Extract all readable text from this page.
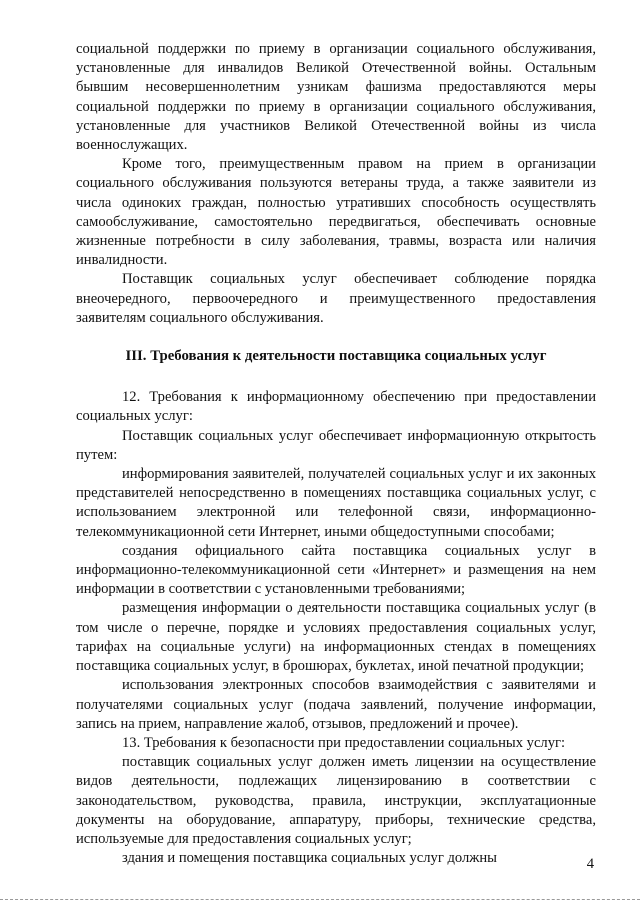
социальной поддержки по приему в организации социального обслуживания, установленные для инвалидов Великой Отечественной войны. Остальным бывшим несовершеннолетним узникам фашизма предоставляются меры социальной поддержки по приему в организации социального обслуживания, установленные для участников Великой Отечественной войны из числа военнослужащих.

Кроме того, преимущественным правом на прием в организации социального обслуживания пользуются ветераны труда, а также заявители из числа одиноких граждан, полностью утративших способность осуществлять самообслуживание, самостоятельно передвигаться, обеспечивать основные жизненные потребности в силу заболевания, травмы, возраста или наличия инвалидности.

Поставщик социальных услуг обеспечивает соблюдение порядка внеочередного, первоочередного и преимущественного предоставления заявителям социального обслуживания.

III. Требования к деятельности поставщика социальных услуг

12. Требования к информационному обеспечению при предоставлении социальных услуг:

Поставщик социальных услуг обеспечивает информационную открытость путем:

информирования заявителей, получателей социальных услуг и их законных представителей непосредственно в помещениях поставщика социальных услуг, с использованием электронной или телефонной связи, информационно-телекоммуникационной сети Интернет, иными общедоступными способами;

создания официального сайта поставщика социальных услуг в информационно-телекоммуникационной сети «Интернет» и размещения на нем информации в соответствии с установленными требованиями;

размещения информации о деятельности поставщика социальных услуг (в том числе о перечне, порядке и условиях предоставления социальных услуг, тарифах на социальные услуги) на информационных стендах в помещениях поставщика социальных услуг, в брошюрах, буклетах, иной печатной продукции;

использования электронных способов взаимодействия с заявителями и получателями социальных услуг (подача заявлений, получение информации, запись на прием, направление жалоб, отзывов, предложений и прочее).

13. Требования к безопасности при предоставлении социальных услуг:

поставщик социальных услуг должен иметь лицензии на осуществление видов деятельности, подлежащих лицензированию в соответствии с законодательством, руководства, правила, инструкции, эксплуатационные документы на оборудование, аппаратуру, приборы, технические средства, используемые для предоставления социальных услуг;

здания и помещения поставщика социальных услуг должны	4
